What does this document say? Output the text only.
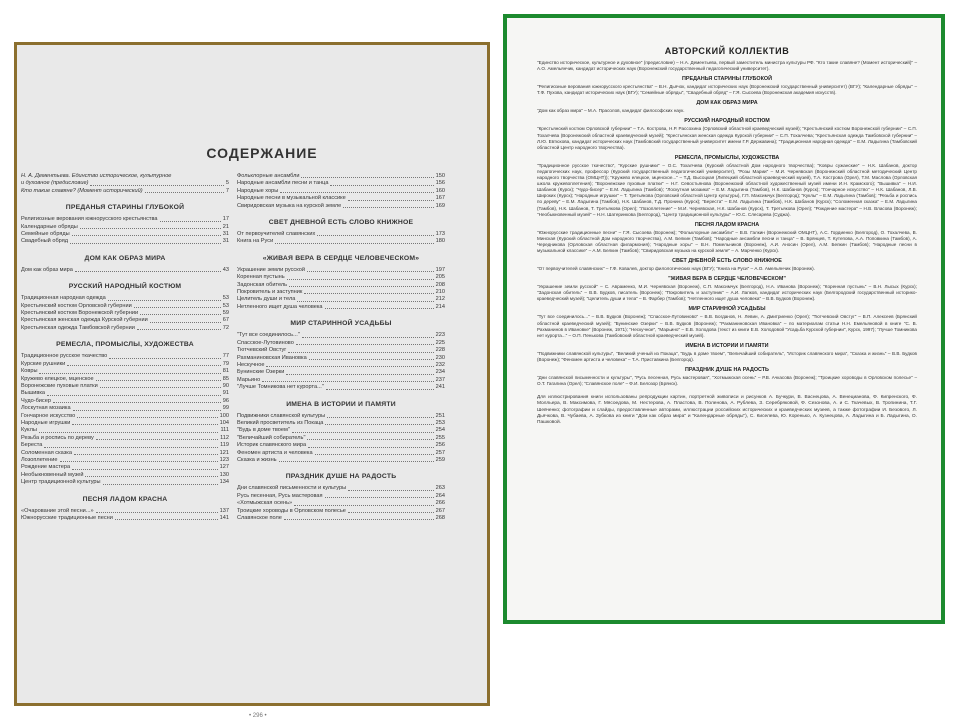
СОДЕРЖАНИЕ
Н. А. Дементьева. Единство историческое, культурное
и духовное (предисловие)	5
Кто такие славяне? (Момент исторический)	7
ПРЕДАНЬЯ СТАРИНЫ ГЛУБОКОЙ
Религиозные верования южнорусского крестьянства	17
Календарные обряды	21
Семейные обряды	31
Свадебный обряд	31
ДОМ КАК ОБРАЗ МИРА
Дом как образ мира	43
РУССКИЙ НАРОДНЫЙ КОСТЮМ
Традиционная народная одежда	53
Крестьянский костюм Орловской губернии	53
Крестьянский костюм Воронежской губернии	59
Крестьянская женская одежда Курской губернии	67
Крестьянская одежда Тамбовской губернии	72
РЕМЕСЛА, ПРОМЫСЛЫ, ХУДОЖЕСТВА
Традиционное русское ткачество	77
Курские рушники	79
Ковры	81
Кружево елецкое, мценское	85
Воронежские пуховые платки	90
Вышивка	91
Чудо-бисер	96
Лоскутная мозаика	99
Гончарное искусство	100
Народные игрушки	104
Куклы	111
Резьба и роспись по дереву	112
Береста	119
Соломенная сказка	121
Лозоплетение	123
Рождение мастера	127
Необыкновенный музей	130
Центр традиционной культуры	134
ПЕСНЯ ЛАДОМ КРАСНА
«Очарование этой песни...»	137
Южнорусские традиционные песни	141
Фольклорные ансамбли	150
Народные ансамбли песни и танца	156
Народные хоры	160
Народные песни в музыкальной классике	167
Свиридовская музыка на курской земле	169
СВЕТ ДНЕВНОЙ ЕСТЬ СЛОВО КНИЖНОЕ
От первоучителей славянских	173
Книга на Руси	180
«ЖИВАЯ ВЕРА В СЕРДЦЕ ЧЕЛОВЕЧЕСКОМ»
Украшение земли русской	197
Коренная пустынь	205
Задонская обитель	208
Покровитель и заступник	210
Целитель души и тела	212
Нетленного ищет душа человека	214
МИР СТАРИННОЙ УСАДЬБЫ
"Тут все соединилось..."	223
Спасское-Лутовиново	225
Тютчевский Овстуг	228
Рахманиновская Ивановка	230
Нескучное	232
Бунинские Озерки	234
Марьино	237
"Лучше Томникова нет курорта..."	241
ИМЕНА В ИСТОРИИ И ПАМЯТИ
Подвижники славянской культуры	251
Великий просветитель из Покаца	253
"Будь в доме твоем"	254
"Величайший собиратель"	255
Историк славянского мира	256
Феномен артиста и человека	257
Сказка и жизнь	259
ПРАЗДНИК ДУШЕ НА РАДОСТЬ
Дни славянской письменности и культуры	263
Русь песенная, Русь мастеровая	264
«Хотмыжская осень»	266
Троицкие хороводы в Орловском полесье	267
Славянское поле	268
• 296 •
АВТОРСКИЙ КОЛЛЕКТИВ

"Единство историческое, культурное и духовное" (предисловие) – Н.А. Дементьева, первый заместитель министра культуры РФ. "Кто такие славяне? (Момент исторический)" – А.О. Амельянчик, кандидат исторических наук (Воронежский государственный педагогический университет).

ПРЕДАНЬЯ СТАРИНЫ ГЛУБОКОЙ

"Религиозные верования южнорусского крестьянства" – В.Н. Дьячок, кандидат исторических наук (Воронежский государственный университет) (ВГУ); "Календарные обряды" – Т.Ф. Пухова, кандидат исторических наук (ВГУ); "Семейные обряды", "Свадебный обряд" – Г.Я. Сысоева (Воронежская академия искусств).

ДОМ КАК ОБРАЗ МИРА

"Дом как образ мира" – М.А. Прасолов, кандидат философских наук.

РУССКИЙ НАРОДНЫЙ КОСТЮМ

"Крестьянский костюм Орловской губернии" – Т.А. Кострова, Н.Р. Рассохина (Орловский областной краеведческий музей); "Крестьянский костюм Воронежской губернии" – С.П. Тохалчева (Воронежский областной краеведческий музей); "Крестьянская женская одежда Курской губернии" – С.П. Тохалчева; "Крестьянская одежда Тамбовской губернии" – Л.Ю. Евтюхова, кандидат исторических наук (Тамбовский государственный университет имени Г.Р. Державина); "Традиционная народная одежда" – Е.М. Ладыгина (Тамбовский областной Центр народного творчества).

РЕМЕСЛА, ПРОМЫСЛЫ, ХУДОЖЕСТВА

"Традиционное русское ткачество", "Курские рушники" – О.С. Тохалчева (Курский областной Дом народного творчества); "Ковры сужанские" – Н.К. Шабанов, доктор педагогических наук, профессор (Курский государственный педагогический университет), "Розы Марии" – М.И. Чернявская (Воронежский областной методический Центр народного творчества (ОМЦНТ)); "Кружево елецкое, мценское..." – Т.Д. Высоцкая (Липецкий областной краеведческий музей), Т.А. Кострова (Орел), Т.М. Маслова (Орловская школа кружевоплетения); "Воронежские пуховые платки" – Н.Г. Севостьянова (Воронежский областной художественный музей имени И.Н. Крамского); "Вышивка" – Н.И. Шабанов (Курск); "Чудо-бисер" – Е.М. Ладыгина (Тамбов); "Лоскутная мозаика" – Е.М. Ладыгина (Тамбов), Н.К. Шабанов (Курск); "Гончарное искусство" – Н.К. Шабанов, Л.В. Широких (Курск); "Народные игрушки" – Т. Третьякова (Орловский областной Центр культуры), Г.П. Максимчук (Белгород); "Куклы" – Е.М. Ладыгина (Тамбов); "Резьба и роспись по дереву" – Е.М. Ладыгина (Тамбов), Н.К. Шабанов, Т.Д. Пронина (Курск); "Береста" – Е.М. Ладыгина (Тамбов), Н.К. Шабанов (Курск); "Соломенная сказка" – Е.М. Ладыгина (Тамбов), Н.К. Шабанов, Т. Третьякова (Орел); "Лозоплетение" – М.И. Чернявская, Н.К. Шабанов (Курск), Т. Третьякова (Орел); "Рождение мастера" – Н.В. Власова (Воронеж); "Необыкновенный музей" – Н.Н. Шатеринкова (Белгород), "Центр традиционной культуры" – Ю.С. Слесарева (Суджа).

ПЕСНЯ ЛАДОМ КРАСНА

"Южнорусские традиционные песни" – Г.Я. Сысоева (Воронеж); "Фольклорные ансамбли" – В.В. Галкин (Воронежский ОМЦНТ), А.С. Гордиенко (Белгород), О. Тохалчева, В. Минская (Курский областной Дом народного творчества), А.М. Белкин (Тамбов); "Народные ансамбли песни и танца" – В. Брянцев, Т. Кутепова, А.А. Поповкина (Тамбов), А. Чередникова (Орловская областная филармония); "Народные хоры" – В.Н. Помельников (Воронеж), А.И. Аносин (Орел), А.М. Белкин (Тамбов); "Народные песни в музыкальной классике" – А.М. Белкин (Тамбов); "Свиридовская музыка на курской земле" – А. Марченко (Курск).

СВЕТ ДНЕВНОЙ ЕСТЬ СЛОВО КНИЖНОЕ

"От первоучителей славянских" – Г.Ф. Ковалев, доктор филологических наук (ВГУ); "Книга на Руси" – А.О. Амельянчик (Воронеж).

"ЖИВАЯ ВЕРА В СЕРДЦЕ ЧЕЛОВЕЧЕСКОМ"

"Украшение земли русской" – С. Авраменко, М.И. Чернявская (Воронеж), С.П. Максимчук (Белгород), Н.А. Иванова (Воронеж); "Коренная пустынь" – В.Н. Лысых (Курск); "Задонская обитель" – В.В. Будков, писатель (Воронеж); "Покровитель и заступник" – А.И. Лапков, кандидат исторических наук (Белгородский государственный историко-краеведческий музей); "Целитель души и тела" – В. Фарбер (Тамбов); "Нетленного ищет душа человека" – В.В. Будков (Воронеж).

МИР СТАРИННОЙ УСАДЬБЫ

"Тут все соединилось..." – В.В. Будков (Воронеж); "Спасское-Лутовиново" – В.В. Богданов, Н. Левин, А. Дмитриенко (Орел); "Тютчевский Овстуг" – В.П. Алексеев (Брянский областной краеведческий музей); "Бунинские Озерки" – В.В. Будков (Воронеж); "Рахманиновская Ивановка" – по материалам статьи Н.Н. Емельяновой в книге "С. В. Рахманинов в Ивановке" (Воронеж, 1971); "Нескучное", "Марьино" – Е.В. Холодова (текст из книги Е.В. Холодовой "Усадьба Курской губернии", Курск, 1997); "Лучше Томникова нет курорта..." – О.П. Пенькова (Тамбовский областной краеведческий музей).

ИМЕНА В ИСТОРИИ И ПАМЯТИ

"Подвижники славянской культуры", "Великий ученый из Покаца", "Будь в доме твоем", "Величайший собиратель", "Историк славянского мира", "Сказка и жизнь" – В.В. Будков (Воронеж); "Феномен артиста и человека" – Т.А. Приставкина (Белгород).

ПРАЗДНИК ДУШЕ НА РАДОСТЬ

"Дни славянской письменности и культуры", "Русь песенная, Русь мастеровая", "Хотмыжская осень" – Р.В. Ачкасова (Воронеж); "Троицкие хороводы в Орловском полесье" – О.Т. Гагалина (Орел); "Славянское поле" – Ф.И. Белозор (Брянск).

Для иллюстрирования книги использованы репродукции картин, портретной живописи и рисунков А. Бучкури, В. Васнецова, А. Венецианова, Ф. Кипренского, Ф. Молльера, В. Максимова, Г. Мясоедова, М. Нестерова, А. Пластова, В. Поленова, А. Рублева, З. Серебряковой, Ф. Сезонова, А. и С. Ткачевых, В. Тропинина, Т.Г. Шевченко; фотографии и слайды, предоставленные авторами, иллюстрации российских исторических и краеведческих музеев, а также фотографии И. Безового, Л. Дьячкова, В. Чубаева, А. Зубкова из книги "Дом как образ мира" и "Календарные обряды"), С. Киселева, Ю. Коренько, А. Кузнецова, А. Ладыгина и Б. Ладыгина, О. Пашковой.
